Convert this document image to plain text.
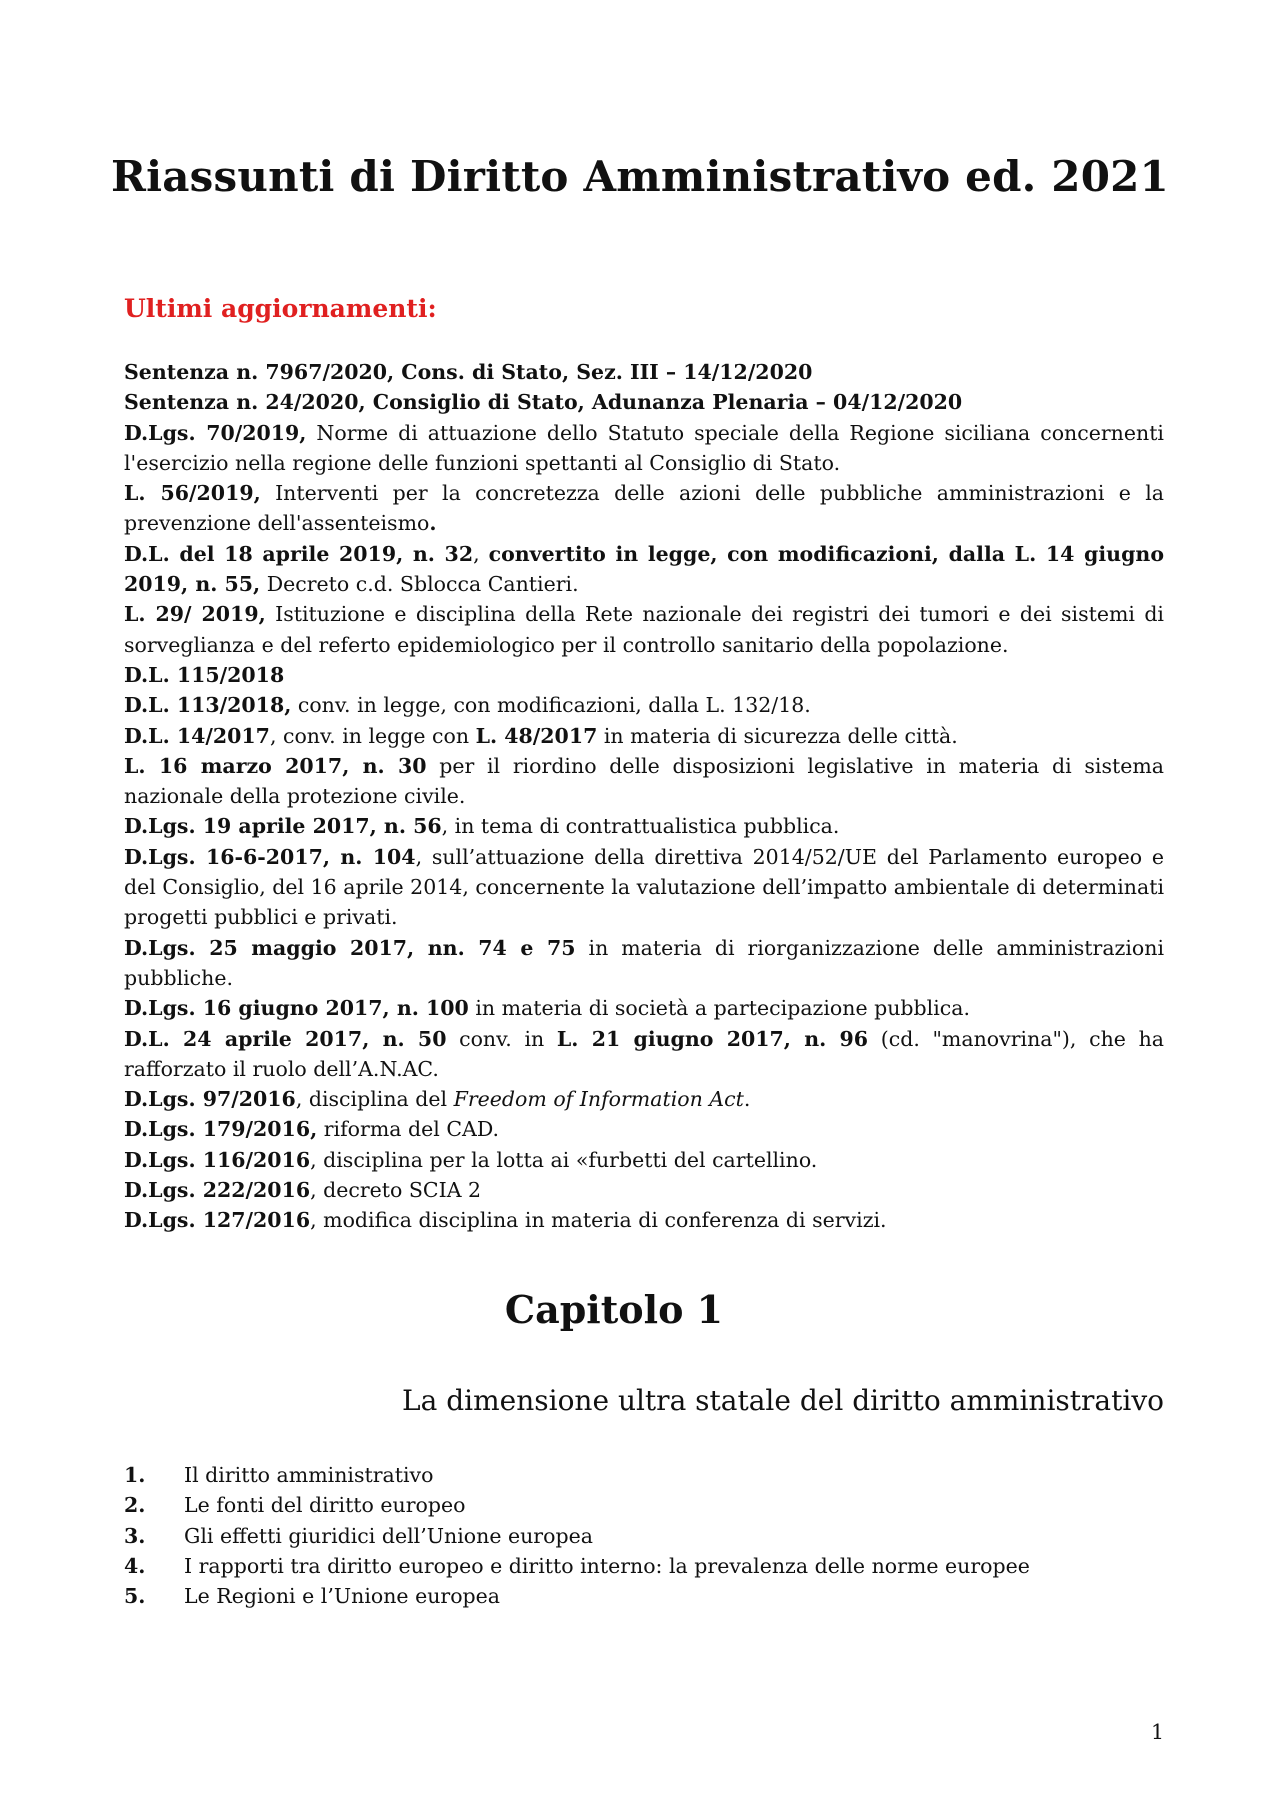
Riassunti di Diritto Amministrativo ed. 2021
Ultimi aggiornamenti:

Sentenza n. 7967/2020, Cons. di Stato, Sez. III – 14/12/2020

Sentenza n. 24/2020, Consiglio di Stato, Adunanza Plenaria – 04/12/2020

D.Lgs. 70/2019, Norme di attuazione dello Statuto speciale della Regione siciliana concernenti l'esercizio nella regione delle funzioni spettanti al Consiglio di Stato.

L. 56/2019, Interventi per la concretezza delle azioni delle pubbliche amministrazioni e la prevenzione dell'assenteismo.

D.L. del 18 aprile 2019, n. 32, convertito in legge, con modificazioni, dalla L. 14 giugno 2019, n. 55, Decreto c.d. Sblocca Cantieri.

L. 29/ 2019, Istituzione e disciplina della Rete nazionale dei registri dei tumori e dei sistemi di sorveglianza e del referto epidemiologico per il controllo sanitario della popolazione.

D.L. 115/2018

D.L. 113/2018, conv. in legge, con modificazioni, dalla L. 132/18.

D.L. 14/2017, conv. in legge con L. 48/2017 in materia di sicurezza delle città.

L. 16 marzo 2017, n. 30 per il riordino delle disposizioni legislative in materia di sistema nazionale della protezione civile.

D.Lgs. 19 aprile 2017, n. 56, in tema di contrattualistica pubblica.

D.Lgs. 16-6-2017, n. 104, sull’attuazione della direttiva 2014/52/UE del Parlamento europeo e del Consiglio, del 16 aprile 2014, concernente la valutazione dell’impatto ambientale di determinati progetti pubblici e privati.

D.Lgs. 25 maggio 2017, nn. 74 e 75 in materia di riorganizzazione delle amministrazioni pubbliche.

D.Lgs. 16 giugno 2017, n. 100 in materia di società a partecipazione pubblica.

D.L. 24 aprile 2017, n. 50 conv. in L. 21 giugno 2017, n. 96 (cd. "manovrina"), che ha rafforzato il ruolo dell’A.N.AC.

D.Lgs. 97/2016, disciplina del Freedom of Information Act.

D.Lgs. 179/2016, riforma del CAD.

D.Lgs. 116/2016, disciplina per la lotta ai «furbetti del cartellino.

D.Lgs. 222/2016, decreto SCIA 2

D.Lgs. 127/2016, modifica disciplina in materia di conferenza di servizi.

Capitolo 1
La dimensione ultra statale del diritto amministrativo
1.	Il diritto amministrativo
2.	Le fonti del diritto europeo
3.	Gli effetti giuridici dell’Unione europea
4.	I rapporti tra diritto europeo e diritto interno: la prevalenza delle norme europee
5.	Le Regioni e l’Unione europea
1
